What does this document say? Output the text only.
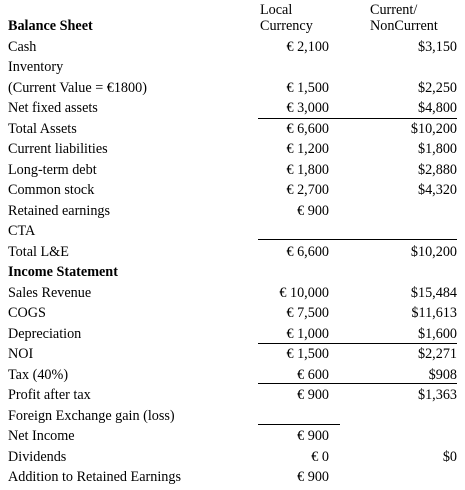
Local
Currency
Current/
NonCurrent
Balance Sheet
Cash	€ 2,100	$3,150
Inventory
(Current Value = €1800)	€ 1,500	$2,250
Net fixed assets	€ 3,000	$4,800
Total Assets	€ 6,600	$10,200
Current liabilities	€ 1,200	$1,800
Long-term debt	€ 1,800	$2,880
Common stock	€ 2,700	$4,320
Retained earnings	€ 900
CTA
Total L&E	€ 6,600	$10,200
Income Statement
Sales Revenue	€ 10,000	$15,484
COGS	€ 7,500	$11,613
Depreciation	€ 1,000	$1,600
NOI	€ 1,500	$2,271
Tax (40%)	€ 600	$908
Profit after tax	€ 900	$1,363
Foreign Exchange gain (loss)
Net Income	€ 900
Dividends	€ 0	$0
Addition to Retained Earnings	€ 900
